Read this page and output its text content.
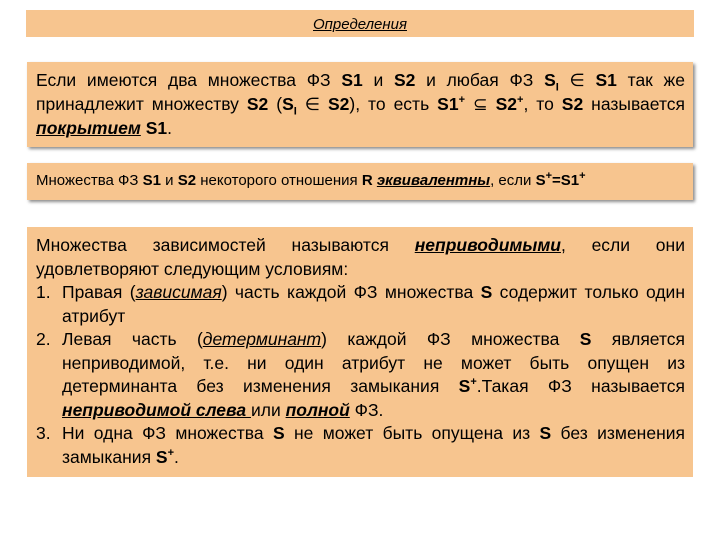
Определения
Если имеются два множества ФЗ S1 и S2 и любая ФЗ $S_I$ ∈ S1 так же принадлежит множеству S2 ($S_I$ ∈ S2), то есть S1+ ⊆ S2+, то S2 называется покрытием S1.
Множества ФЗ S1 и S2 некоторого отношения R эквивалентны, если S+=S1+
Множества зависимостей называются неприводимыми, если они удовлетворяют следующим условиям:
1. Правая (зависимая) часть каждой ФЗ множества S содержит только один атрибут
2. Левая часть (детерминант) каждой ФЗ множества S является неприводимой, т.е. ни один атрибут не может быть опущен из детерминанта без изменения замыкания S+.Такая ФЗ называется неприводимой слева или полной ФЗ.
3. Ни одна ФЗ множества S не может быть опущена из S без изменения замыкания S+.
